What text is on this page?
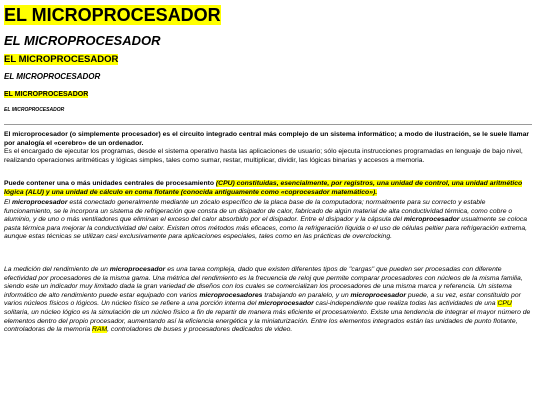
EL MICROPROCESADOR
EL MICROPROCESADOR
EL MICROPROCESADOR
EL MICROPROCESADOR
EL MICROPROCESADOR
EL MICROPROCESADOR

El microprocesador (o simplemente procesador) es el circuito integrado central más complejo de un sistema informático; a modo de ilustración, se le suele llamar por analogía el «cerebro» de un ordenador.
Es el encargado de ejecutar los programas, desde el sistema operativo hasta las aplicaciones de usuario; sólo ejecuta instrucciones programadas en lenguaje de bajo nivel, realizando operaciones aritméticas y lógicas simples, tales como sumar, restar, multiplicar, dividir, las lógicas binarias y accesos a memoria.

Puede contener una o más unidades centrales de procesamiento (CPU) constituidas, esencialmente, por registros, una unidad de control, una unidad aritmético lógica (ALU) y una unidad de cálculo en coma flotante (conocida antiguamente como «coprocesador matemático»).

El microprocesador está conectado generalmente mediante un zócalo específico de la placa base de la computadora; normalmente para su correcto y estable funcionamiento, se le incorpora un sistema de refrigeración que consta de un disipador de calor, fabricado de algún material de alta conductividad térmica, como cobre o aluminio, y de uno o más ventiladores que eliminan el exceso del calor absorbido por el disipador. Entre el disipador y la cápsula del microprocesador usualmente se coloca pasta térmica para mejorar la conductividad del calor. Existen otros métodos más eficaces, como la refrigeración líquida o el uso de células peltier para refrigeración extrema, aunque estas técnicas se utilizan casi exclusivamente para aplicaciones especiales, tales como en las prácticas de overclocking.

La medición del rendimiento de un microprocesador es una tarea compleja, dado que existen diferentes tipos de "cargas" que pueden ser procesadas con diferente efectividad por procesadores de la misma gama. Una métrica del rendimiento es la frecuencia de reloj que permite comparar procesadores con núcleos de la misma familia, siendo este un indicador muy limitado dada la gran variedad de diseños con los cuales se comercializan los procesadores de una misma marca y referencia. Un sistema informático de alto rendimiento puede estar equipado con varios microprocesadores trabajando en paralelo, y un microprocesador puede, a su vez, estar constituido por varios núcleos físicos o lógicos. Un núcleo físico se refiere a una porción interna del microprocesador casi-independiente que realiza todas las actividades de una CPU solitaria, un núcleo lógico es la simulación de un núcleo físico a fin de repartir de manera más eficiente el procesamiento. Existe una tendencia de integrar el mayor número de elementos dentro del propio procesador, aumentando así la eficiencia energética y la miniaturización. Entre los elementos integrados están las unidades de punto flotante, controladoras de la memoria RAM, controladores de buses y procesadores dedicados de video.
